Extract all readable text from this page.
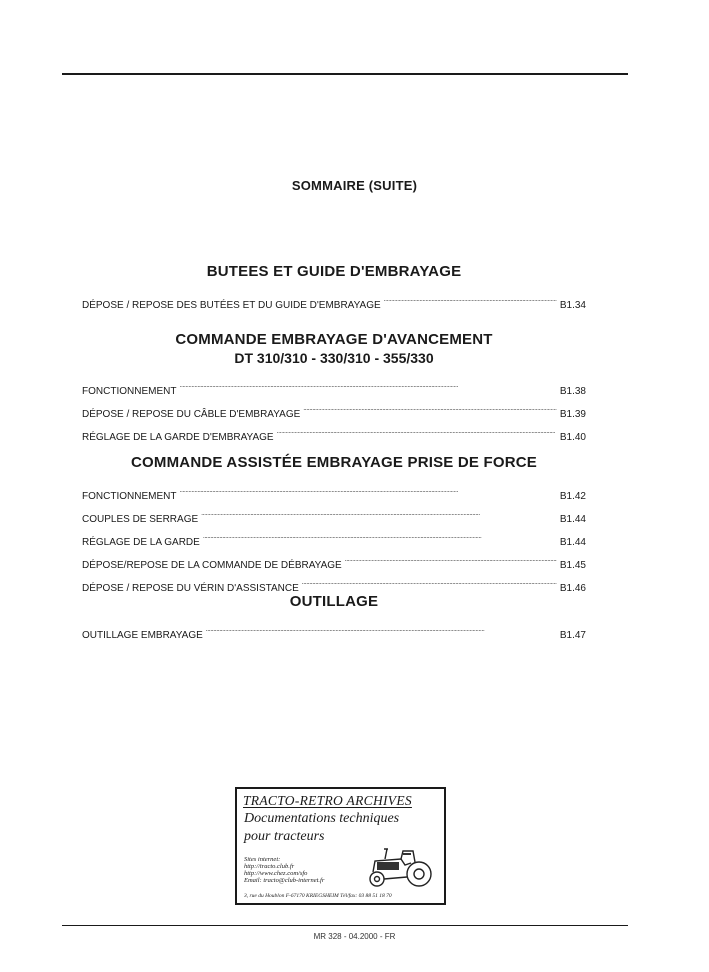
SOMMAIRE (SUITE)
BUTEES ET GUIDE D'EMBRAYAGE
DÉPOSE / REPOSE DES BUTÉES ET DU GUIDE D'EMBRAYAGE . . .	B1.34
COMMANDE EMBRAYAGE D'AVANCEMENT
DT 310/310 - 330/310 - 355/330
FONCTIONNEMENT . . .	B1.38
DÉPOSE / REPOSE DU CÂBLE D'EMBRAYAGE . . .	B1.39
RÉGLAGE DE LA GARDE D'EMBRAYAGE . . .	B1.40
COMMANDE ASSISTÉE EMBRAYAGE PRISE DE FORCE
FONCTIONNEMENT . . .	B1.42
COUPLES DE SERRAGE . . .	B1.44
RÉGLAGE DE LA GARDE . . .	B1.44
DÉPOSE/REPOSE DE LA COMMANDE DE DÉBRAYAGE . . .	B1.45
DÉPOSE / REPOSE DU VÉRIN D'ASSISTANCE . . .	B1.46
OUTILLAGE
OUTILLAGE EMBRAYAGE . . .	B1.47
TRACTO-RETRO ARCHIVES
Documentations techniques
pour tracteurs
Sites internet:
http://tracto.club.fr
http://www.chez.com/sfo
Email: tracto@club-internet.fr
3, rue du Houblon F-67170 KRIEGSHEIM Tél/fax: 03 88 51 18 70
MR 328 - 04.2000 - FR
